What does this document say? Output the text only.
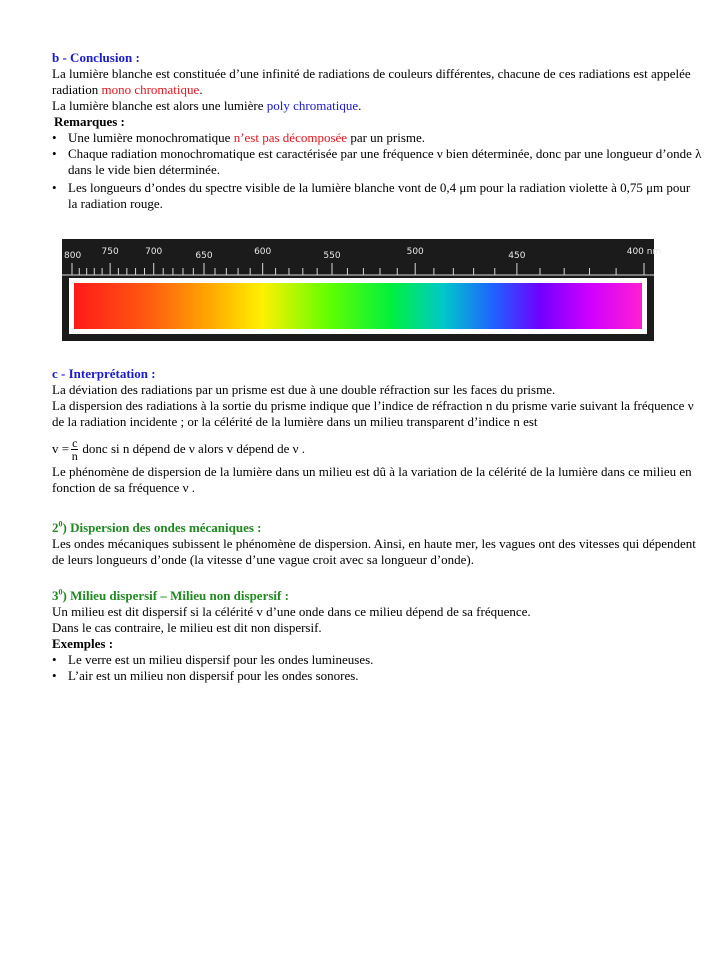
b - Conclusion :
La lumière blanche est constituée d’une infinité de radiations de couleurs différentes, chacune de ces radiations est appelée radiation mono chromatique.
La lumière blanche est alors une lumière poly chromatique.
Remarques :
• Une lumière monochromatique n’est pas décomposée par un prisme.
• Chaque radiation monochromatique est caractérisée par une fréquence ν bien déterminée, donc par une longueur d’onde λ dans le vide bien déterminée.
• Les longueurs d’ondes du spectre visible de la lumière blanche vont de 0,4 μm pour la radiation violette à 0,75 μm pour la radiation rouge.
800 750	700	650	600	550	500	450	400 nm
c - Interprétation :
La déviation des radiations par un prisme est due à une double réfraction sur les faces du prisme.
La dispersion des radiations à la sortie du prisme indique que l’indice de réfraction n du prisme varie suivant la fréquence ν de la radiation incidente ; or la célérité de la lumière dans un milieu transparent d’indice n est
$v = \frac{c}{n}$ donc si n dépend de ν alors v dépend de ν .
Le phénomène de dispersion de la lumière dans un milieu est dû à la variation de la célérité de la lumière dans ce milieu en fonction de sa fréquence ν .
$2^0$) Dispersion des ondes mécaniques :
Les ondes mécaniques subissent le phénomène de dispersion. Ainsi, en haute mer, les vagues ont des vitesses qui dépendent de leurs longueurs d’onde (la vitesse d’une vague croit avec sa longueur d’onde).
$3^0$) Milieu dispersif – Milieu non dispersif :
Un milieu est dit dispersif si la célérité v d’une onde dans ce milieu dépend de sa fréquence.
Dans le cas contraire, le milieu est dit non dispersif.
Exemples :
• Le verre est un milieu dispersif pour les ondes lumineuses.
• L’air est un milieu non dispersif pour les ondes sonores.
